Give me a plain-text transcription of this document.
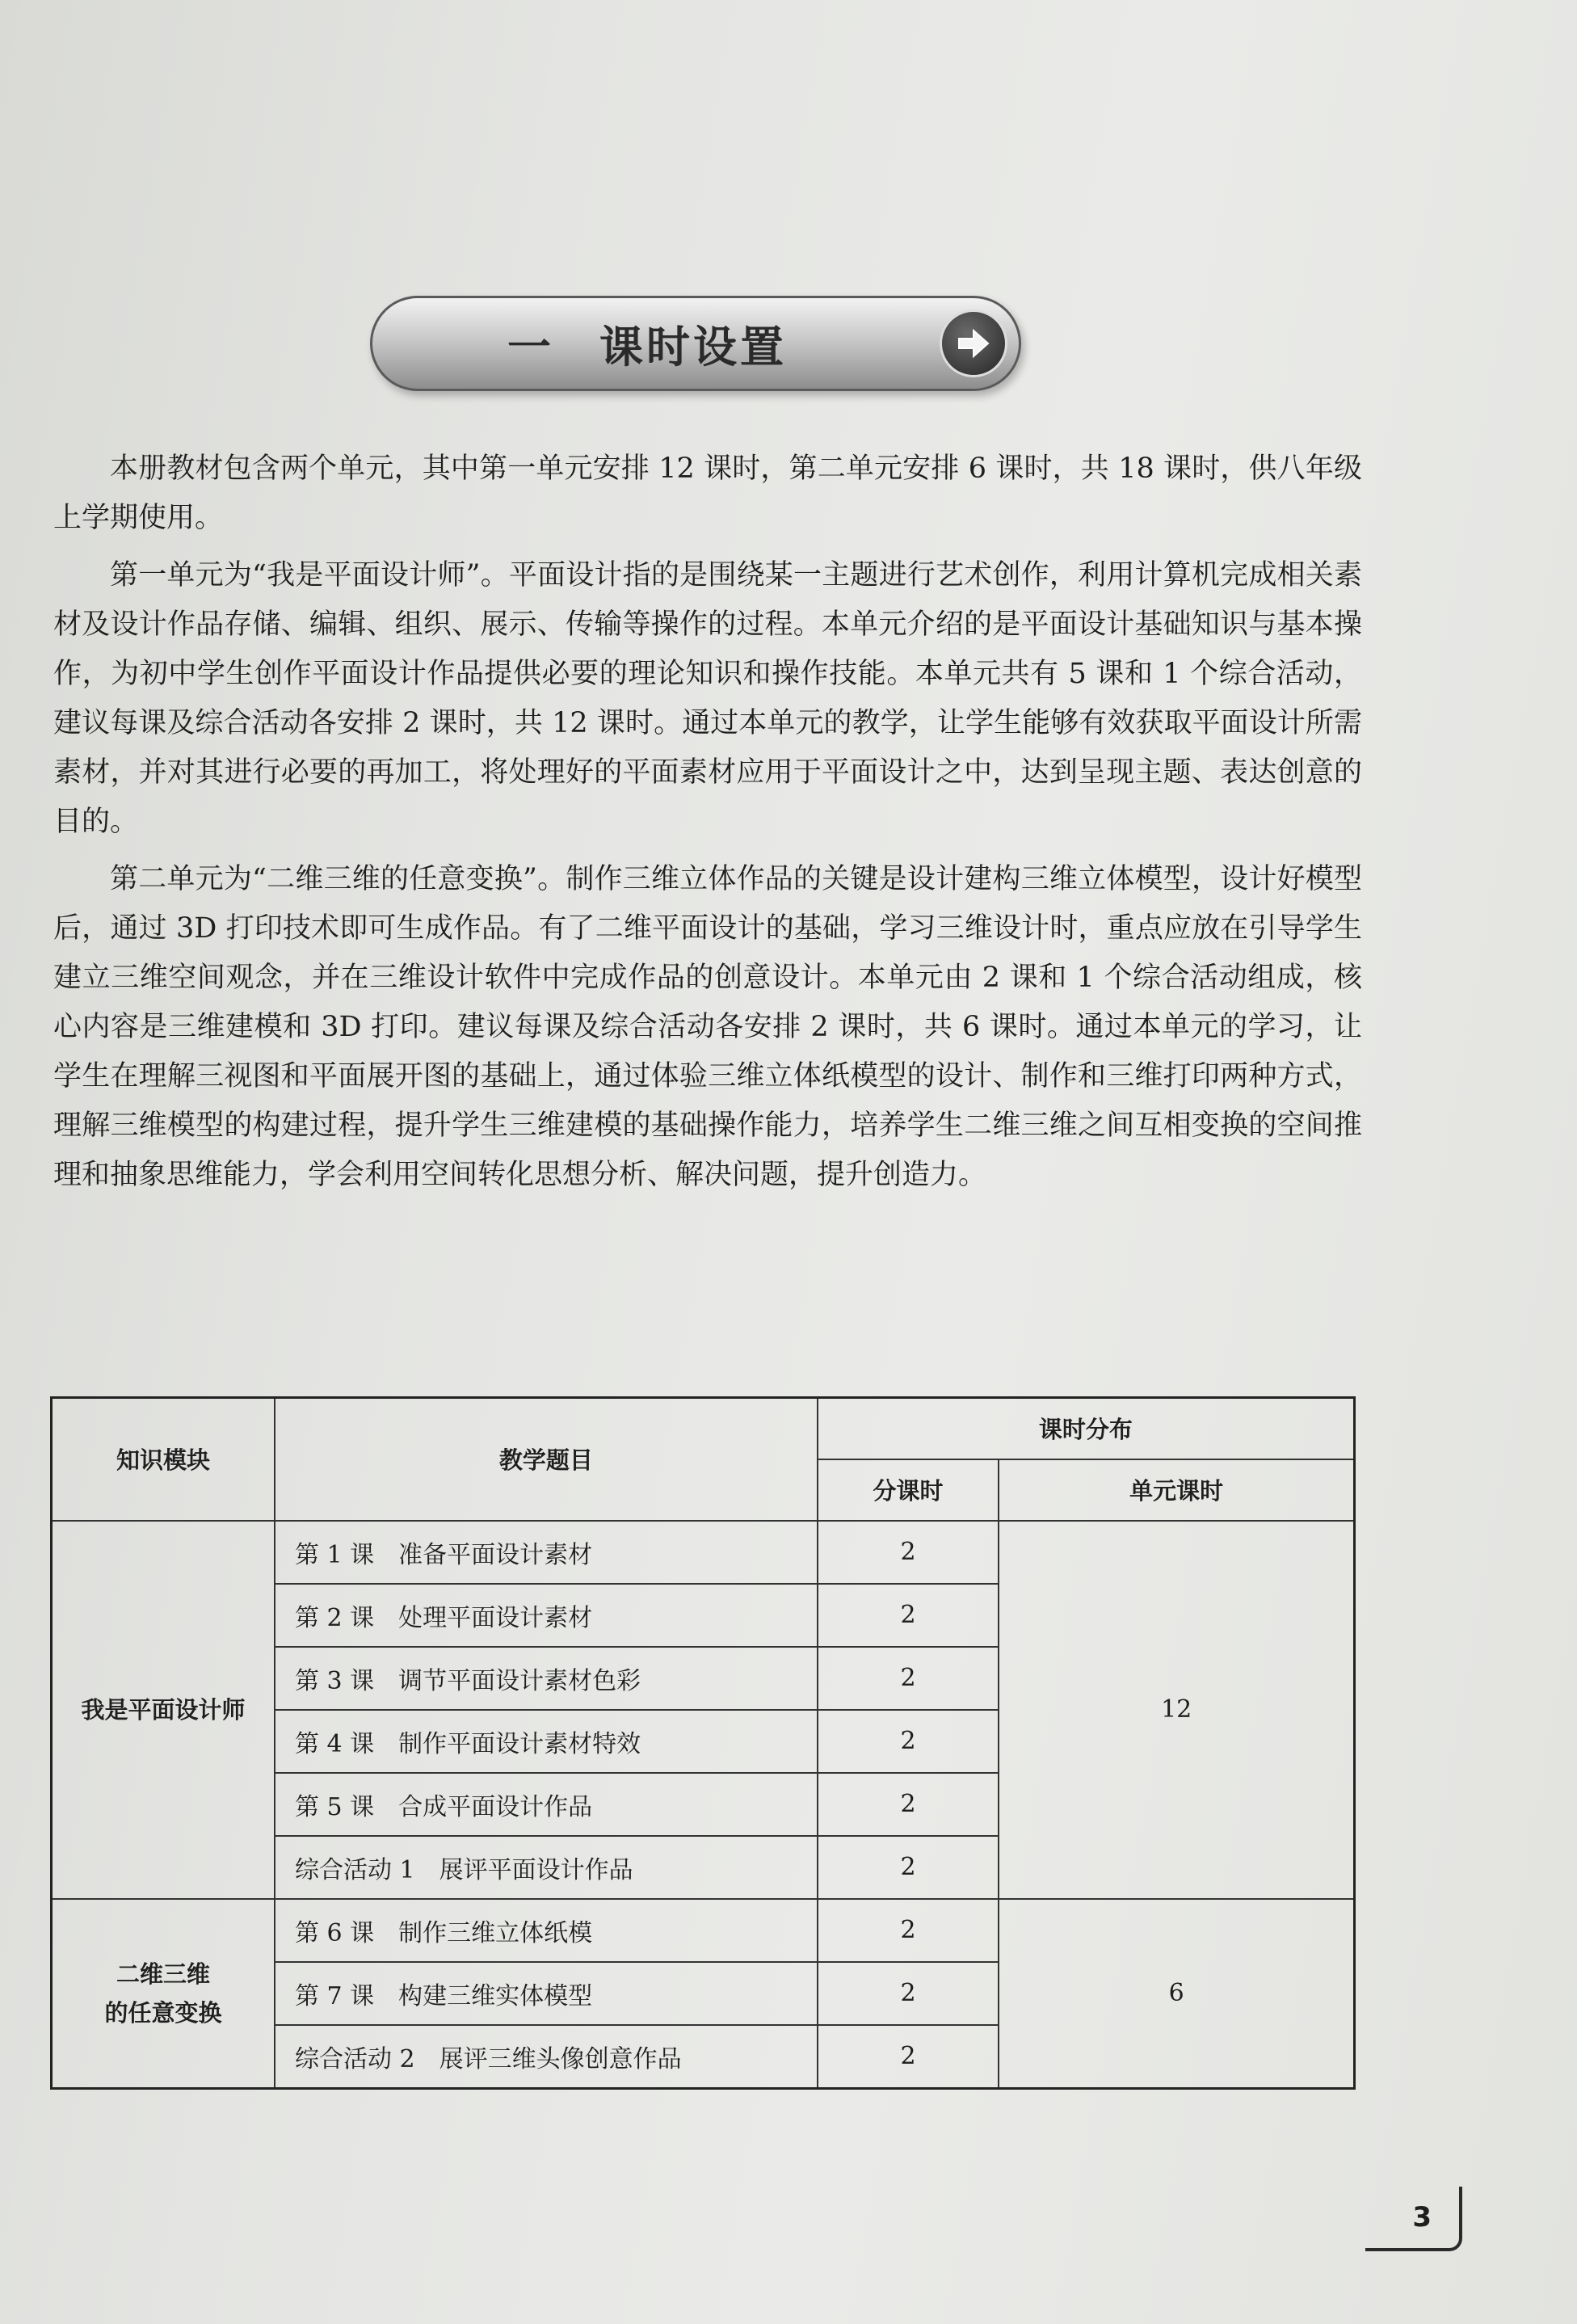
一 课时设置

本册教材包含两个单元，其中第一单元安排 12 课时，第二单元安排 6 课时，共 18 课时，供八年级上学期使用。

第一单元为“我是平面设计师”。平面设计指的是围绕某一主题进行艺术创作，利用计算机完成相关素材及设计作品存储、编辑、组织、展示、传输等操作的过程。本单元介绍的是平面设计基础知识与基本操作，为初中学生创作平面设计作品提供必要的理论知识和操作技能。本单元共有 5 课和 1 个综合活动，建议每课及综合活动各安排 2 课时，共 12 课时。通过本单元的教学，让学生能够有效获取平面设计所需素材，并对其进行必要的再加工，将处理好的平面素材应用于平面设计之中，达到呈现主题、表达创意的目的。

第二单元为“二维三维的任意变换”。制作三维立体作品的关键是设计建构三维立体模型，设计好模型后，通过 3D 打印技术即可生成作品。有了二维平面设计的基础，学习三维设计时，重点应放在引导学生建立三维空间观念，并在三维设计软件中完成作品的创意设计。本单元由 2 课和 1 个综合活动组成，核心内容是三维建模和 3D 打印。建议每课及综合活动各安排 2 课时，共 6 课时。通过本单元的学习，让学生在理解三视图和平面展开图的基础上，通过体验三维立体纸模型的设计、制作和三维打印两种方式，理解三维模型的构建过程，提升学生三维建模的基础操作能力，培养学生二维三维之间互相变换的空间推理和抽象思维能力，学会利用空间转化思想分析、解决问题，提升创造力。

知识模块	教学题目	课时分布	
		分课时	单元课时
我是平面设计师	第 1 课 准备平面设计素材	2	12
	第 2 课 处理平面设计素材	2	
	第 3 课 调节平面设计素材色彩	2	
	第 4 课 制作平面设计素材特效	2	
	第 5 课 合成平面设计作品	2	
	综合活动 1 展评平面设计作品	2	

二维三维
的任意变换	第 6 课 制作三维立体纸模	2	6
	第 7 课 构建三维实体模型	2	
	综合活动 2 展评三维头像创意作品	2	
3
